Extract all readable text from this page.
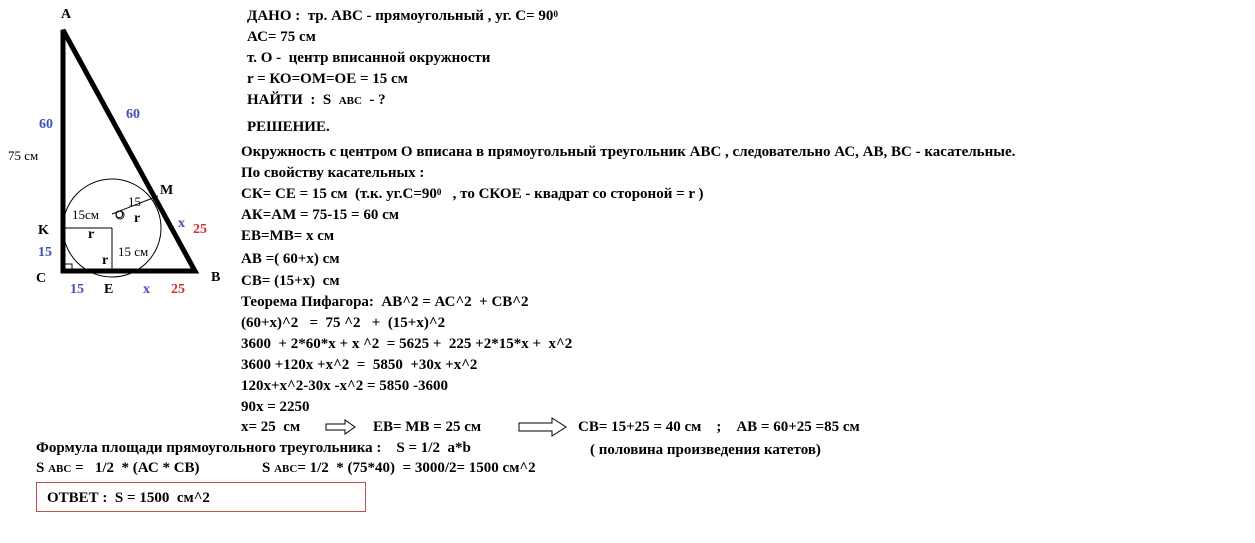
A
C	B
K
M
E
O
60
60
75 см
15
15	x 25
x 25
15см
15 см
15
r
r
r
ДАНО :  тр. АВС - прямоугольный , уг. $С= 90^0$
АС= 75 см
т. О -  центр вписанной окружности
r = КО=ОМ=ОЕ = 15 см
НАЙТИ  :  S АВС  - ?
РЕШЕНИЕ.
Окружность с центром О вписана в прямоугольный треугольник АВС , следовательно АС, АВ, ВС - касательные.
По свойству касательных :
СК= СЕ = 15 см  (т.к. $уг.С=90^0$   , то СКОЕ - квадрат со стороной = r )
АК=АМ = 75-15 = 60 см
ЕВ=МВ= х см
АВ =( 60+х) см
СВ= (15+х)  см
Теорема Пифагора:  АВ^2 = АС^2  + СВ^2
(60+х)^2   =  75 ^2   +  (15+х)^2
3600  + 2*60*х + х ^2  = 5625 +  225 +2*15*х +  х^2
3600 +120х +х^2  =  5850  +30х +х^2
120х+х^2-30х -х^2 = 5850 -3600
90х = 2250
х= 25  см	ЕВ= МВ = 25 см	СВ= 15+25 = 40 см    ;    АВ = 60+25 =85 см
Формула площади прямоугольного треугольника :    S = 1/2  a*b	( половина произведения катетов)
S АВС =   1/2  * (АС * СВ)	S АВС= 1/2  * (75*40)  = 3000/2= 1500 см^2
ОТВЕТ :  S = 1500  см^2
